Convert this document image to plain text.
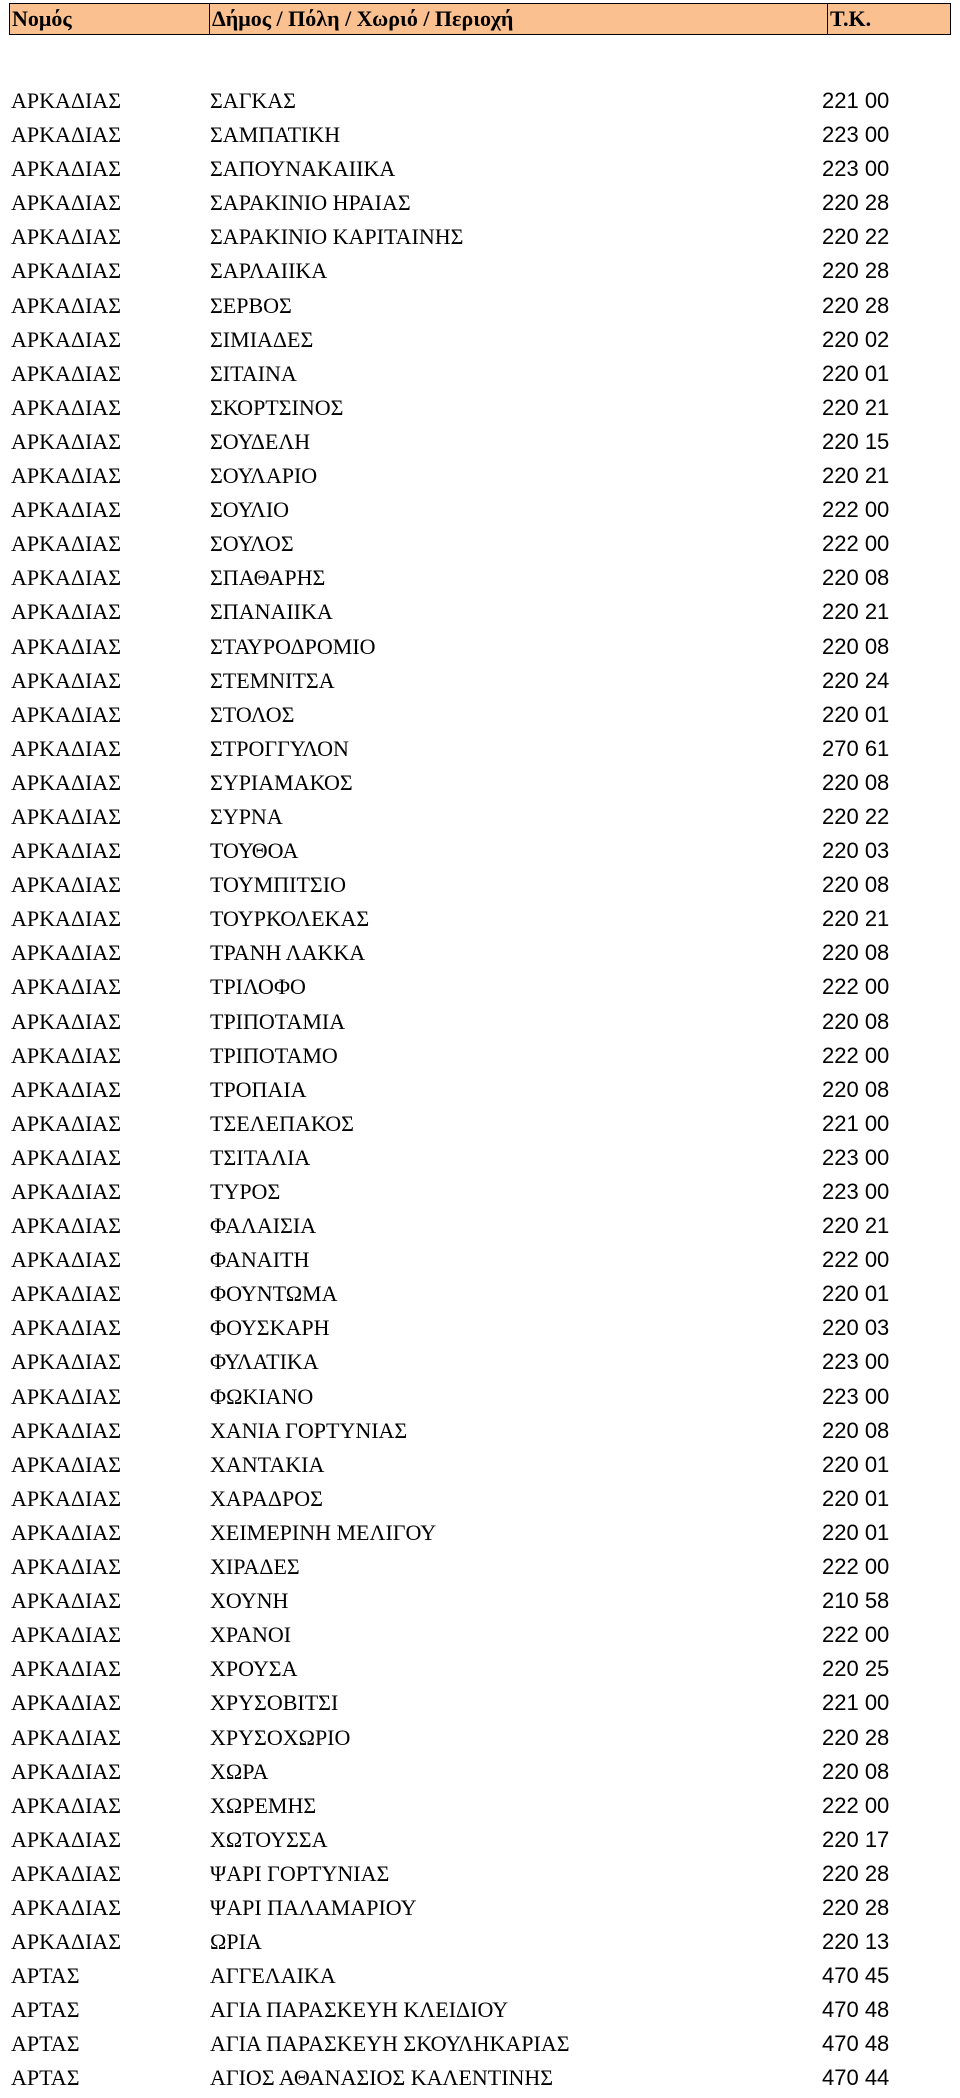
Νομός	Δήμος / Πόλη / Χωριό / Περιοχή	Τ.Κ.
ΑΡΚΑΔΙΑΣ	ΣΑΓΚΑΣ	221 00
ΑΡΚΑΔΙΑΣ	ΣΑΜΠΑΤΙΚΗ	223 00
ΑΡΚΑΔΙΑΣ	ΣΑΠΟΥΝΑΚΑΙΙΚΑ	223 00
ΑΡΚΑΔΙΑΣ	ΣΑΡΑΚΙΝΙΟ ΗΡΑΙΑΣ	220 28
ΑΡΚΑΔΙΑΣ	ΣΑΡΑΚΙΝΙΟ ΚΑΡΙΤΑΙΝΗΣ	220 22
ΑΡΚΑΔΙΑΣ	ΣΑΡΛΑΙΙΚΑ	220 28
ΑΡΚΑΔΙΑΣ	ΣΕΡΒΟΣ	220 28
ΑΡΚΑΔΙΑΣ	ΣΙΜΙΑΔΕΣ	220 02
ΑΡΚΑΔΙΑΣ	ΣΙΤΑΙΝΑ	220 01
ΑΡΚΑΔΙΑΣ	ΣΚΟΡΤΣΙΝΟΣ	220 21
ΑΡΚΑΔΙΑΣ	ΣΟΥΔΕΛΗ	220 15
ΑΡΚΑΔΙΑΣ	ΣΟΥΛΑΡΙΟ	220 21
ΑΡΚΑΔΙΑΣ	ΣΟΥΛΙΟ	222 00
ΑΡΚΑΔΙΑΣ	ΣΟΥΛΟΣ	222 00
ΑΡΚΑΔΙΑΣ	ΣΠΑΘΑΡΗΣ	220 08
ΑΡΚΑΔΙΑΣ	ΣΠΑΝΑΙΙΚΑ	220 21
ΑΡΚΑΔΙΑΣ	ΣΤΑΥΡΟΔΡΟΜΙΟ	220 08
ΑΡΚΑΔΙΑΣ	ΣΤΕΜΝΙΤΣΑ	220 24
ΑΡΚΑΔΙΑΣ	ΣΤΟΛΟΣ	220 01
ΑΡΚΑΔΙΑΣ	ΣΤΡΟΓΓΥΛΟΝ	270 61
ΑΡΚΑΔΙΑΣ	ΣΥΡΙΑΜΑΚΟΣ	220 08
ΑΡΚΑΔΙΑΣ	ΣΥΡΝΑ	220 22
ΑΡΚΑΔΙΑΣ	ΤΟΥΘΟΑ	220 03
ΑΡΚΑΔΙΑΣ	ΤΟΥΜΠΙΤΣΙΟ	220 08
ΑΡΚΑΔΙΑΣ	ΤΟΥΡΚΟΛΕΚΑΣ	220 21
ΑΡΚΑΔΙΑΣ	ΤΡΑΝΗ ΛΑΚΚΑ	220 08
ΑΡΚΑΔΙΑΣ	ΤΡΙΛΟΦΟ	222 00
ΑΡΚΑΔΙΑΣ	ΤΡΙΠΟΤΑΜΙΑ	220 08
ΑΡΚΑΔΙΑΣ	ΤΡΙΠΟΤΑΜΟ	222 00
ΑΡΚΑΔΙΑΣ	ΤΡΟΠΑΙΑ	220 08
ΑΡΚΑΔΙΑΣ	ΤΣΕΛΕΠΑΚΟΣ	221 00
ΑΡΚΑΔΙΑΣ	ΤΣΙΤΑΛΙΑ	223 00
ΑΡΚΑΔΙΑΣ	ΤΥΡΟΣ	223 00
ΑΡΚΑΔΙΑΣ	ΦΑΛΑΙΣΙΑ	220 21
ΑΡΚΑΔΙΑΣ	ΦΑΝΑΙΤΗ	222 00
ΑΡΚΑΔΙΑΣ	ΦΟΥΝΤΩΜΑ	220 01
ΑΡΚΑΔΙΑΣ	ΦΟΥΣΚΑΡΗ	220 03
ΑΡΚΑΔΙΑΣ	ΦΥΛΑΤΙΚΑ	223 00
ΑΡΚΑΔΙΑΣ	ΦΩΚΙΑΝΟ	223 00
ΑΡΚΑΔΙΑΣ	ΧΑΝΙΑ ΓΟΡΤΥΝΙΑΣ	220 08
ΑΡΚΑΔΙΑΣ	ΧΑΝΤΑΚΙΑ	220 01
ΑΡΚΑΔΙΑΣ	ΧΑΡΑΔΡΟΣ	220 01
ΑΡΚΑΔΙΑΣ	ΧΕΙΜΕΡΙΝΗ ΜΕΛΙΓΟΥ	220 01
ΑΡΚΑΔΙΑΣ	ΧΙΡΑΔΕΣ	222 00
ΑΡΚΑΔΙΑΣ	ΧΟΥΝΗ	210 58
ΑΡΚΑΔΙΑΣ	ΧΡΑΝΟΙ	222 00
ΑΡΚΑΔΙΑΣ	ΧΡΟΥΣΑ	220 25
ΑΡΚΑΔΙΑΣ	ΧΡΥΣΟΒΙΤΣΙ	221 00
ΑΡΚΑΔΙΑΣ	ΧΡΥΣΟΧΩΡΙΟ	220 28
ΑΡΚΑΔΙΑΣ	ΧΩΡΑ	220 08
ΑΡΚΑΔΙΑΣ	ΧΩΡΕΜΗΣ	222 00
ΑΡΚΑΔΙΑΣ	ΧΩΤΟΥΣΣΑ	220 17
ΑΡΚΑΔΙΑΣ	ΨΑΡΙ ΓΟΡΤΥΝΙΑΣ	220 28
ΑΡΚΑΔΙΑΣ	ΨΑΡΙ ΠΑΛΑΜΑΡΙΟΥ	220 28
ΑΡΚΑΔΙΑΣ	ΩΡΙΑ	220 13
ΑΡΤΑΣ	ΑΓΓΕΛΑΙΚΑ	470 45
ΑΡΤΑΣ	ΑΓΙΑ ΠΑΡΑΣΚΕΥΗ ΚΛΕΙΔΙΟΥ	470 48
ΑΡΤΑΣ	ΑΓΙΑ ΠΑΡΑΣΚΕΥΗ ΣΚΟΥΛΗΚΑΡΙΑΣ	470 48
ΑΡΤΑΣ	ΑΓΙΟΣ ΑΘΑΝΑΣΙΟΣ ΚΑΛΕΝΤΙΝΗΣ	470 44
